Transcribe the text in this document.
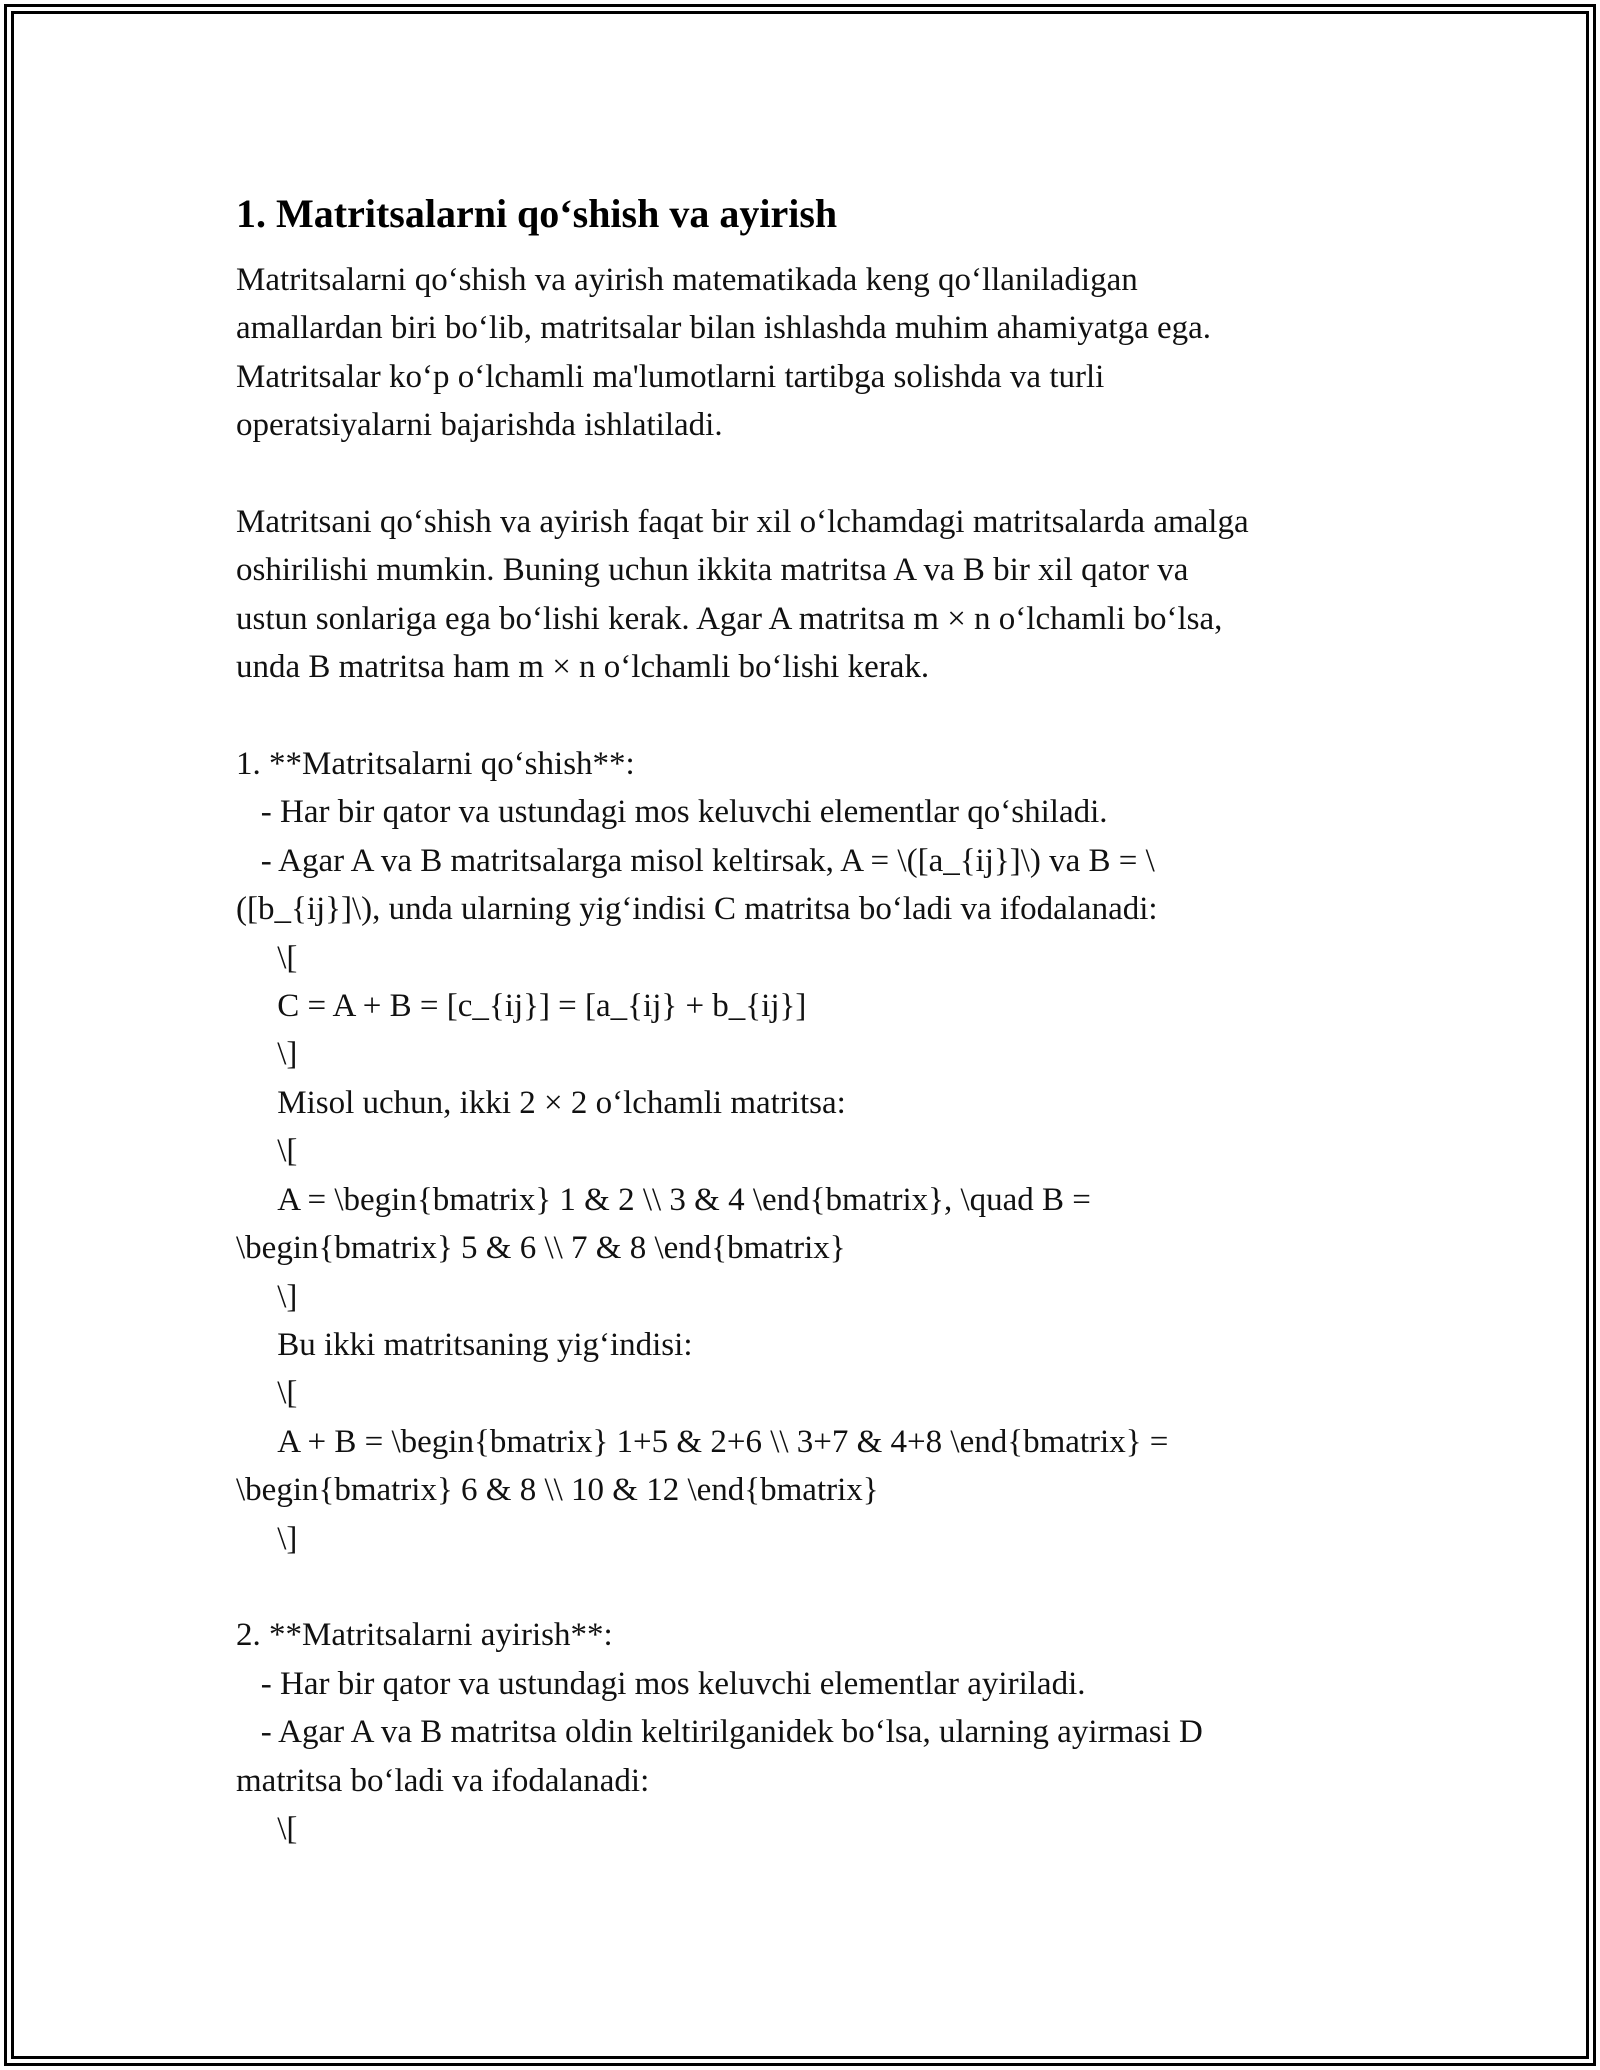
1. Matritsalarni qo‘shish va ayirish

Matritsalarni qo‘shish va ayirish matematikada keng qo‘llaniladigan
amallardan biri bo‘lib, matritsalar bilan ishlashda muhim ahamiyatga ega.
Matritsalar ko‘p o‘lchamli ma'lumotlarni tartibga solishda va turli
operatsiyalarni bajarishda ishlatiladi.

Matritsani qo‘shish va ayirish faqat bir xil o‘lchamdagi matritsalarda amalga
oshirilishi mumkin. Buning uchun ikkita matritsa A va B bir xil qator va
ustun sonlariga ega bo‘lishi kerak. Agar A matritsa m × n o‘lchamli bo‘lsa,
unda B matritsa ham m × n o‘lchamli bo‘lishi kerak.

1. **Matritsalarni qo‘shish**:
- Har bir qator va ustundagi mos keluvchi elementlar qo‘shiladi.
- Agar A va B matritsalarga misol keltirsak, A = \([a_{ij}]\) va B = \
([b_{ij}]\), unda ularning yig‘indisi C matritsa bo‘ladi va ifodalanadi:
\[
C = A + B = [c_{ij}] = [a_{ij} + b_{ij}]
\]
Misol uchun, ikki 2 × 2 o‘lchamli matritsa:
\[
A = \begin{bmatrix} 1 & 2 \\ 3 & 4 \end{bmatrix}, \quad B =
\begin{bmatrix} 5 & 6 \\ 7 & 8 \end{bmatrix}
\]
Bu ikki matritsaning yig‘indisi:
\[
A + B = \begin{bmatrix} 1+5 & 2+6 \\ 3+7 & 4+8 \end{bmatrix} =
\begin{bmatrix} 6 & 8 \\ 10 & 12 \end{bmatrix}
\]

2. **Matritsalarni ayirish**:
- Har bir qator va ustundagi mos keluvchi elementlar ayiriladi.
- Agar A va B matritsa oldin keltirilganidek bo‘lsa, ularning ayirmasi D
matritsa bo‘ladi va ifodalanadi:
\[
